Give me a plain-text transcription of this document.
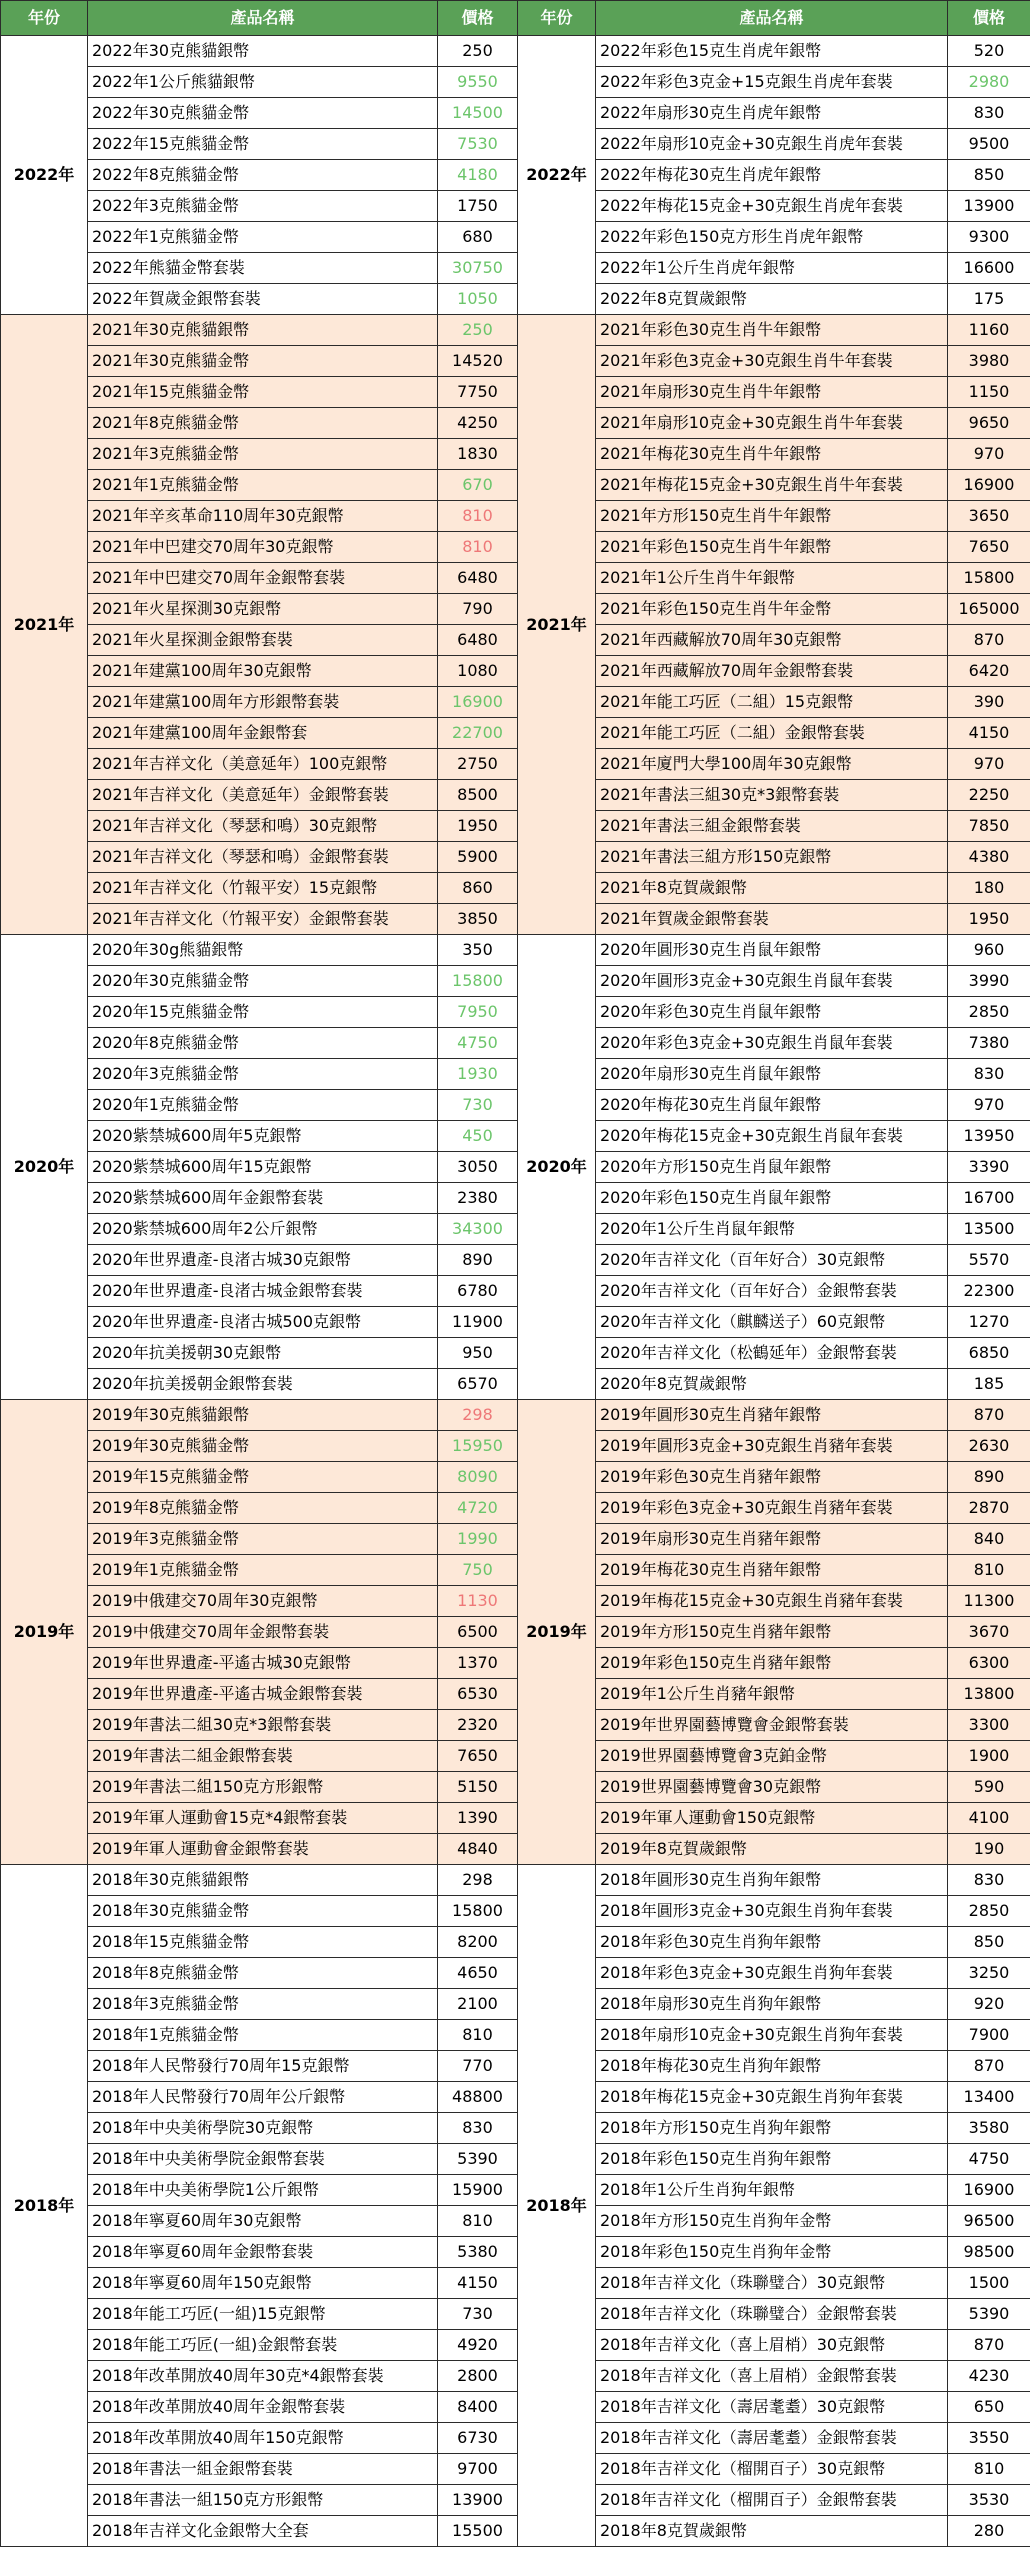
年份	產品名稱	價格	年份	產品名稱	價格
2022年	2022年30克熊貓銀幣	250	2022年	2022年彩色15克生肖虎年銀幣	520
	2022年1公斤熊貓銀幣	9550		2022年彩色3克金+15克銀生肖虎年套裝	2980
	2022年30克熊貓金幣	14500		2022年扇形30克生肖虎年銀幣	830
	2022年15克熊貓金幣	7530		2022年扇形10克金+30克銀生肖虎年套裝	9500
	2022年8克熊貓金幣	4180		2022年梅花30克生肖虎年銀幣	850
	2022年3克熊貓金幣	1750		2022年梅花15克金+30克銀生肖虎年套裝	13900
	2022年1克熊貓金幣	680		2022年彩色150克方形生肖虎年銀幣	9300
	2022年熊貓金幣套裝	30750		2022年1公斤生肖虎年銀幣	16600
	2022年賀歲金銀幣套裝	1050		2022年8克賀歲銀幣	175
2021年	2021年30克熊貓銀幣	250	2021年	2021年彩色30克生肖牛年銀幣	1160
	2021年30克熊貓金幣	14520		2021年彩色3克金+30克銀生肖牛年套裝	3980
	2021年15克熊貓金幣	7750		2021年扇形30克生肖牛年銀幣	1150
	2021年8克熊貓金幣	4250		2021年扇形10克金+30克銀生肖牛年套裝	9650
	2021年3克熊貓金幣	1830		2021年梅花30克生肖牛年銀幣	970
	2021年1克熊貓金幣	670		2021年梅花15克金+30克銀生肖牛年套裝	16900
	2021年辛亥革命110周年30克銀幣	810		2021年方形150克生肖牛年銀幣	3650
	2021年中巴建交70周年30克銀幣	810		2021年彩色150克生肖牛年銀幣	7650
	2021年中巴建交70周年金銀幣套裝	6480		2021年1公斤生肖牛年銀幣	15800
	2021年火星探測30克銀幣	790		2021年彩色150克生肖牛年金幣	165000
	2021年火星探測金銀幣套裝	6480		2021年西藏解放70周年30克銀幣	870
	2021年建黨100周年30克銀幣	1080		2021年西藏解放70周年金銀幣套裝	6420
	2021年建黨100周年方形銀幣套裝	16900		2021年能工巧匠（二組）15克銀幣	390
	2021年建黨100周年金銀幣套	22700		2021年能工巧匠（二組）金銀幣套裝	4150
	2021年吉祥文化（美意延年）100克銀幣	2750		2021年廈門大學100周年30克銀幣	970
	2021年吉祥文化（美意延年）金銀幣套裝	8500		2021年書法三組30克*3銀幣套裝	2250
	2021年吉祥文化（琴瑟和鳴）30克銀幣	1950		2021年書法三組金銀幣套裝	7850
	2021年吉祥文化（琴瑟和鳴）金銀幣套裝	5900		2021年書法三組方形150克銀幣	4380
	2021年吉祥文化（竹報平安）15克銀幣	860		2021年8克賀歲銀幣	180
	2021年吉祥文化（竹報平安）金銀幣套裝	3850		2021年賀歲金銀幣套裝	1950
2020年	2020年30g熊貓銀幣	350	2020年	2020年圓形30克生肖鼠年銀幣	960
	2020年30克熊貓金幣	15800		2020年圓形3克金+30克銀生肖鼠年套裝	3990
	2020年15克熊貓金幣	7950		2020年彩色30克生肖鼠年銀幣	2850
	2020年8克熊貓金幣	4750		2020年彩色3克金+30克銀生肖鼠年套裝	7380
	2020年3克熊貓金幣	1930		2020年扇形30克生肖鼠年銀幣	830
	2020年1克熊貓金幣	730		2020年梅花30克生肖鼠年銀幣	970
	2020紫禁城600周年5克銀幣	450		2020年梅花15克金+30克銀生肖鼠年套裝	13950
	2020紫禁城600周年15克銀幣	3050		2020年方形150克生肖鼠年銀幣	3390
	2020紫禁城600周年金銀幣套裝	2380		2020年彩色150克生肖鼠年銀幣	16700
	2020紫禁城600周年2公斤銀幣	34300		2020年1公斤生肖鼠年銀幣	13500
	2020年世界遺產-良渚古城30克銀幣	890		2020年吉祥文化（百年好合）30克銀幣	5570
	2020年世界遺產-良渚古城金銀幣套裝	6780		2020年吉祥文化（百年好合）金銀幣套裝	22300
	2020年世界遺產-良渚古城500克銀幣	11900		2020年吉祥文化（麒麟送子）60克銀幣	1270
	2020年抗美援朝30克銀幣	950		2020年吉祥文化（松鶴延年）金銀幣套裝	6850
	2020年抗美援朝金銀幣套裝	6570		2020年8克賀歲銀幣	185
2019年	2019年30克熊貓銀幣	298	2019年	2019年圓形30克生肖豬年銀幣	870
	2019年30克熊貓金幣	15950		2019年圓形3克金+30克銀生肖豬年套裝	2630
	2019年15克熊貓金幣	8090		2019年彩色30克生肖豬年銀幣	890
	2019年8克熊貓金幣	4720		2019年彩色3克金+30克銀生肖豬年套裝	2870
	2019年3克熊貓金幣	1990		2019年扇形30克生肖豬年銀幣	840
	2019年1克熊貓金幣	750		2019年梅花30克生肖豬年銀幣	810
	2019中俄建交70周年30克銀幣	1130		2019年梅花15克金+30克銀生肖豬年套裝	11300
	2019中俄建交70周年金銀幣套裝	6500		2019年方形150克生肖豬年銀幣	3670
	2019年世界遺產-平遙古城30克銀幣	1370		2019年彩色150克生肖豬年銀幣	6300
	2019年世界遺產-平遙古城金銀幣套裝	6530		2019年1公斤生肖豬年銀幣	13800
	2019年書法二組30克*3銀幣套裝	2320		2019年世界園藝博覽會金銀幣套裝	3300
	2019年書法二組金銀幣套裝	7650		2019世界園藝博覽會3克鉑金幣	1900
	2019年書法二組150克方形銀幣	5150		2019世界園藝博覽會30克銀幣	590
	2019年軍人運動會15克*4銀幣套裝	1390		2019年軍人運動會150克銀幣	4100
	2019年軍人運動會金銀幣套裝	4840		2019年8克賀歲銀幣	190
2018年	2018年30克熊貓銀幣	298	2018年	2018年圓形30克生肖狗年銀幣	830
	2018年30克熊貓金幣	15800		2018年圓形3克金+30克銀生肖狗年套裝	2850
	2018年15克熊貓金幣	8200		2018年彩色30克生肖狗年銀幣	850
	2018年8克熊貓金幣	4650		2018年彩色3克金+30克銀生肖狗年套裝	3250
	2018年3克熊貓金幣	2100		2018年扇形30克生肖狗年銀幣	920
	2018年1克熊貓金幣	810		2018年扇形10克金+30克銀生肖狗年套裝	7900
	2018年人民幣發行70周年15克銀幣	770		2018年梅花30克生肖狗年銀幣	870
	2018年人民幣發行70周年公斤銀幣	48800		2018年梅花15克金+30克銀生肖狗年套裝	13400
	2018年中央美術學院30克銀幣	830		2018年方形150克生肖狗年銀幣	3580
	2018年中央美術學院金銀幣套裝	5390		2018年彩色150克生肖狗年銀幣	4750
	2018年中央美術學院1公斤銀幣	15900		2018年1公斤生肖狗年銀幣	16900
	2018年寧夏60周年30克銀幣	810		2018年方形150克生肖狗年金幣	96500
	2018年寧夏60周年金銀幣套裝	5380		2018年彩色150克生肖狗年金幣	98500
	2018年寧夏60周年150克銀幣	4150		2018年吉祥文化（珠聯璧合）30克銀幣	1500
	2018年能工巧匠(一組)15克銀幣	730		2018年吉祥文化（珠聯璧合）金銀幣套裝	5390
	2018年能工巧匠(一組)金銀幣套裝	4920		2018年吉祥文化（喜上眉梢）30克銀幣	870
	2018年改革開放40周年30克*4銀幣套裝	2800		2018年吉祥文化（喜上眉梢）金銀幣套裝	4230
	2018年改革開放40周年金銀幣套裝	8400		2018年吉祥文化（壽居耄耋）30克銀幣	650
	2018年改革開放40周年150克銀幣	6730		2018年吉祥文化（壽居耄耋）金銀幣套裝	3550
	2018年書法一組金銀幣套裝	9700		2018年吉祥文化（榴開百子）30克銀幣	810
	2018年書法一組150克方形銀幣	13900		2018年吉祥文化（榴開百子）金銀幣套裝	3530
	2018年吉祥文化金銀幣大全套	15500		2018年8克賀歲銀幣	280
